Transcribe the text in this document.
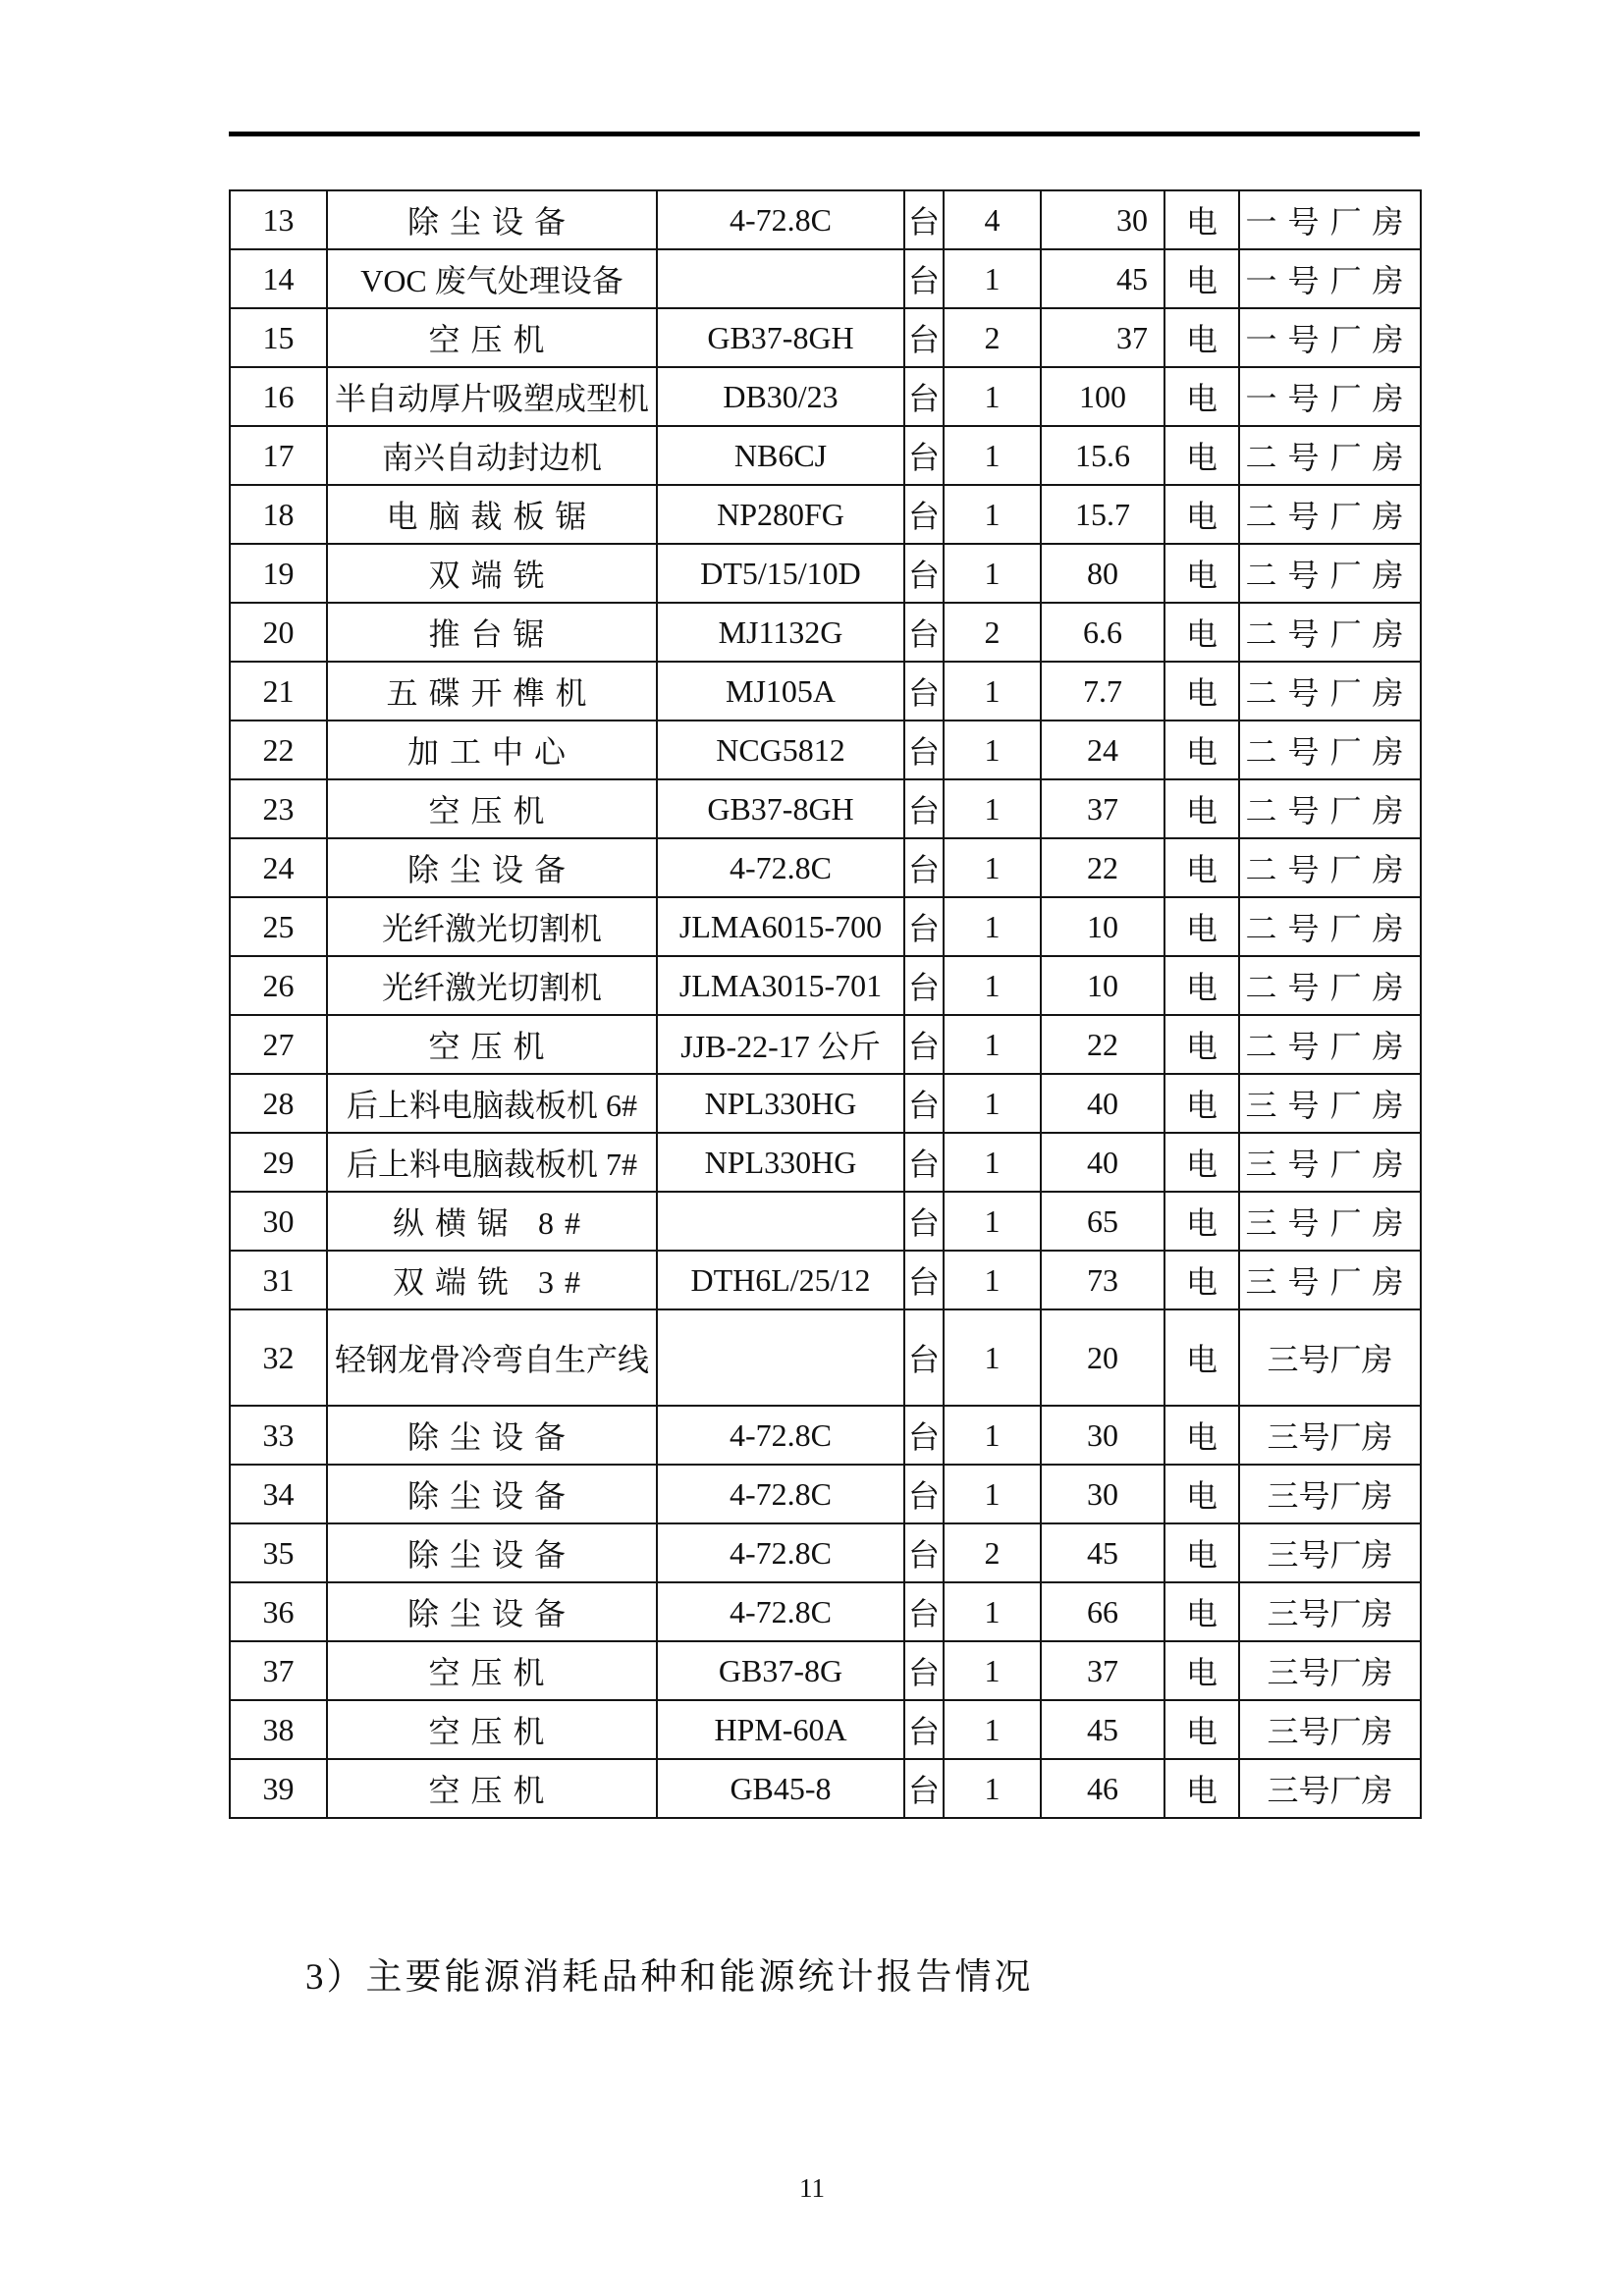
13	除尘设备	4-72.8C	台	4	30	电	一号厂房
14	VOC 废气处理设备		台	1	45	电	一号厂房
15	空压机	GB37-8GH	台	2	37	电	一号厂房
16	半自动厚片吸塑成型机	DB30/23	台	1	100	电	一号厂房
17	南兴自动封边机	NB6CJ	台	1	15.6	电	二号厂房
18	电脑裁板锯	NP280FG	台	1	15.7	电	二号厂房
19	双端铣	DT5/15/10D	台	1	80	电	二号厂房
20	推台锯	MJ1132G	台	2	6.6	电	二号厂房
21	五碟开榫机	MJ105A	台	1	7.7	电	二号厂房
22	加工中心	NCG5812	台	1	24	电	二号厂房
23	空压机	GB37-8GH	台	1	37	电	二号厂房
24	除尘设备	4-72.8C	台	1	22	电	二号厂房
25	光纤激光切割机	JLMA6015-700	台	1	10	电	二号厂房
26	光纤激光切割机	JLMA3015-701	台	1	10	电	二号厂房
27	空压机	JJB-22-17 公斤	台	1	22	电	二号厂房
28	后上料电脑裁板机 6#	NPL330HG	台	1	40	电	三号厂房
29	后上料电脑裁板机 7#	NPL330HG	台	1	40	电	三号厂房
30	纵横锯 8#		台	1	65	电	三号厂房
31	双端铣 3#	DTH6L/25/12	台	1	73	电	三号厂房
32	轻钢龙骨冷弯自生产线		台	1	20	电	三号厂房
33	除尘设备	4-72.8C	台	1	30	电	三号厂房
34	除尘设备	4-72.8C	台	1	30	电	三号厂房
35	除尘设备	4-72.8C	台	2	45	电	三号厂房
36	除尘设备	4-72.8C	台	1	66	电	三号厂房
37	空压机	GB37-8G	台	1	37	电	三号厂房
38	空压机	HPM-60A	台	1	45	电	三号厂房
39	空压机	GB45-8	台	1	46	电	三号厂房
3）主要能源消耗品种和能源统计报告情况
11
